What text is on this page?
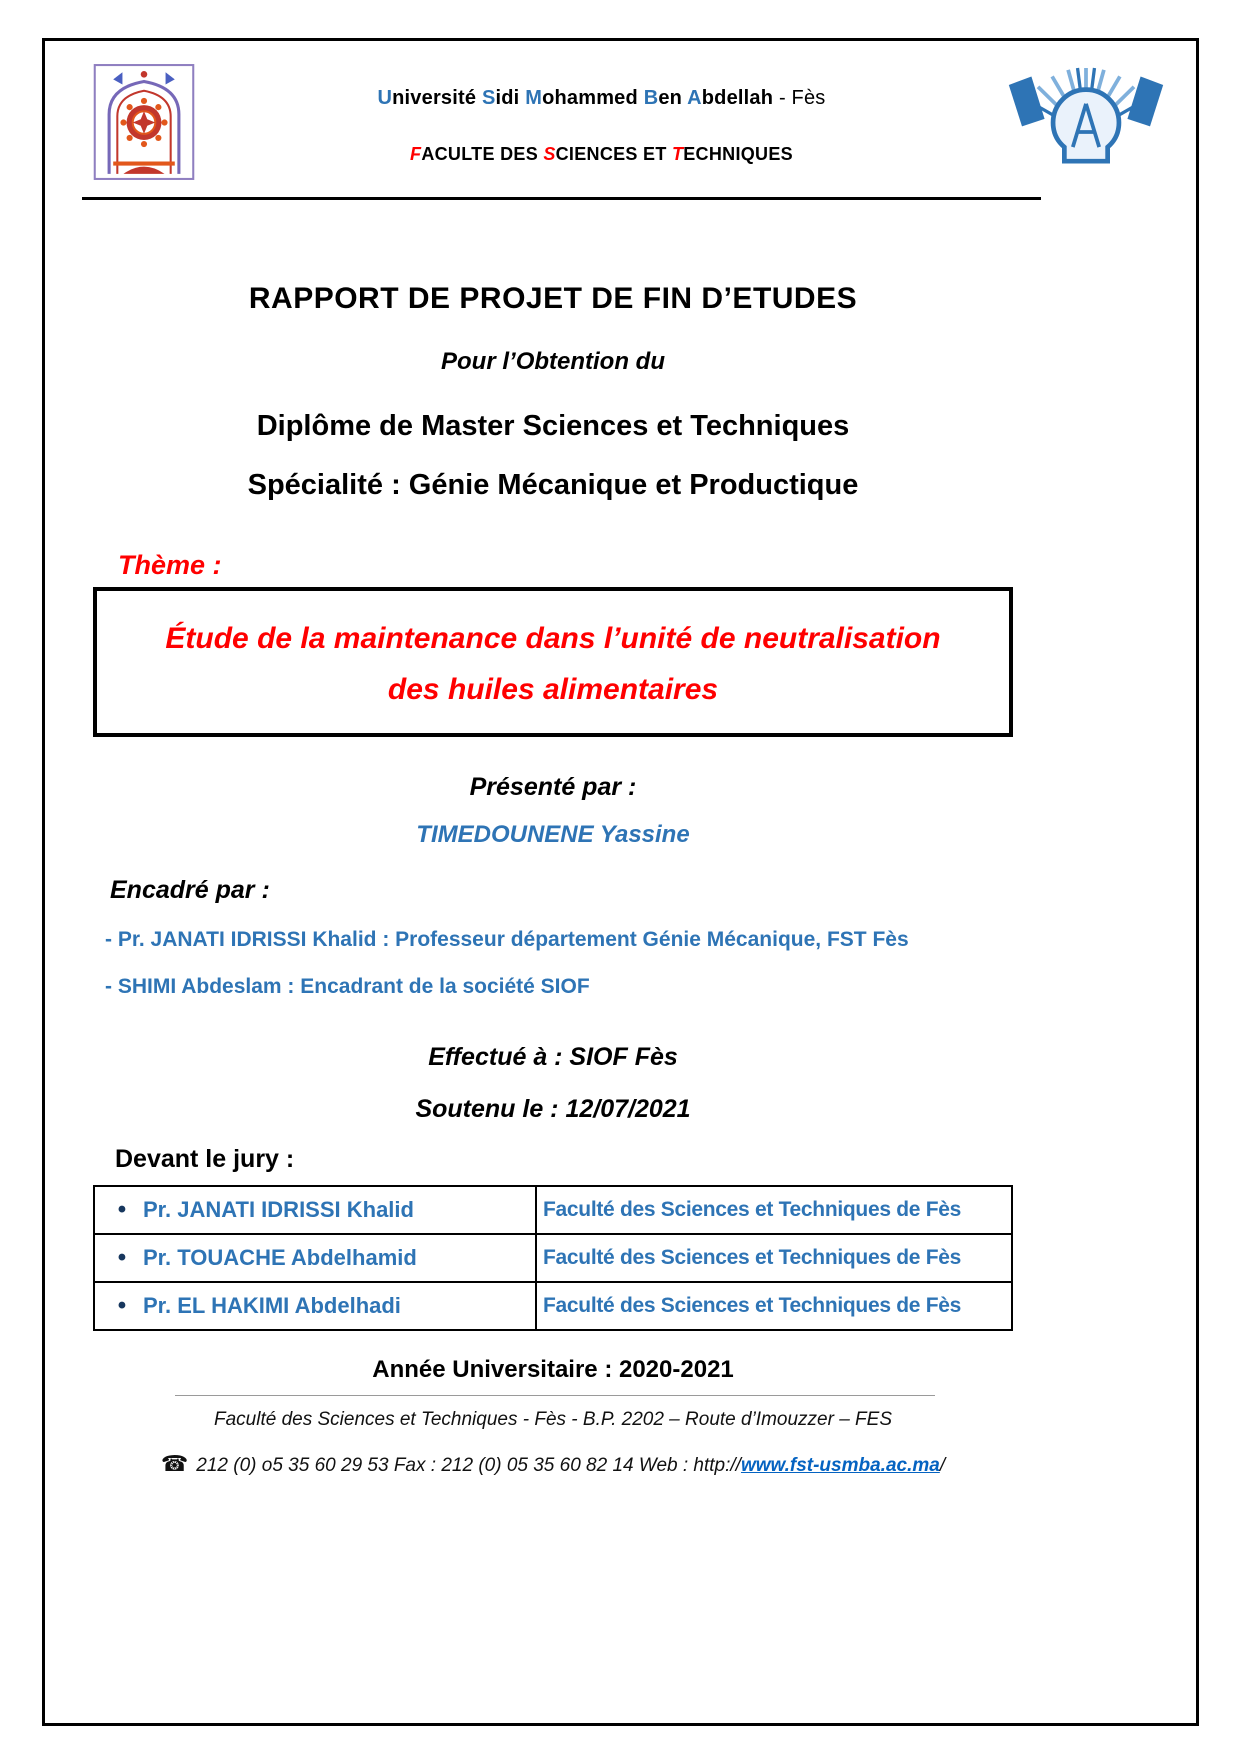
Université Sidi Mohammed Ben Abdellah - Fès
FACULTE DES SCIENCES ET TECHNIQUES
RAPPORT DE PROJET DE FIN D’ETUDES
Pour l’Obtention du
Diplôme de Master Sciences et Techniques
Spécialité : Génie Mécanique et Productique
Thème :
Étude de la maintenance dans l’unité de neutralisation
des huiles alimentaires
Présenté par :
TIMEDOUNENE Yassine
Encadré par :
- Pr. JANATI IDRISSI Khalid : Professeur département Génie Mécanique, FST Fès
- SHIMI Abdeslam : Encadrant de la société SIOF
Effectué à : SIOF Fès
Soutenu le : 12/07/2021
Devant le jury :
•Pr. JANATI IDRISSI Khalid	Faculté des Sciences et Techniques de Fès
•Pr. TOUACHE Abdelhamid	Faculté des Sciences et Techniques de Fès
•Pr. EL HAKIMI Abdelhadi	Faculté des Sciences et Techniques de Fès
Année Universitaire : 2020-2021
Faculté des Sciences et Techniques - Fès - B.P. 2202 – Route d’Imouzzer – FES
☎ 212 (0) o5 35 60 29 53 Fax : 212 (0) 05 35 60 82 14 Web : http://www.fst-usmba.ac.ma/
